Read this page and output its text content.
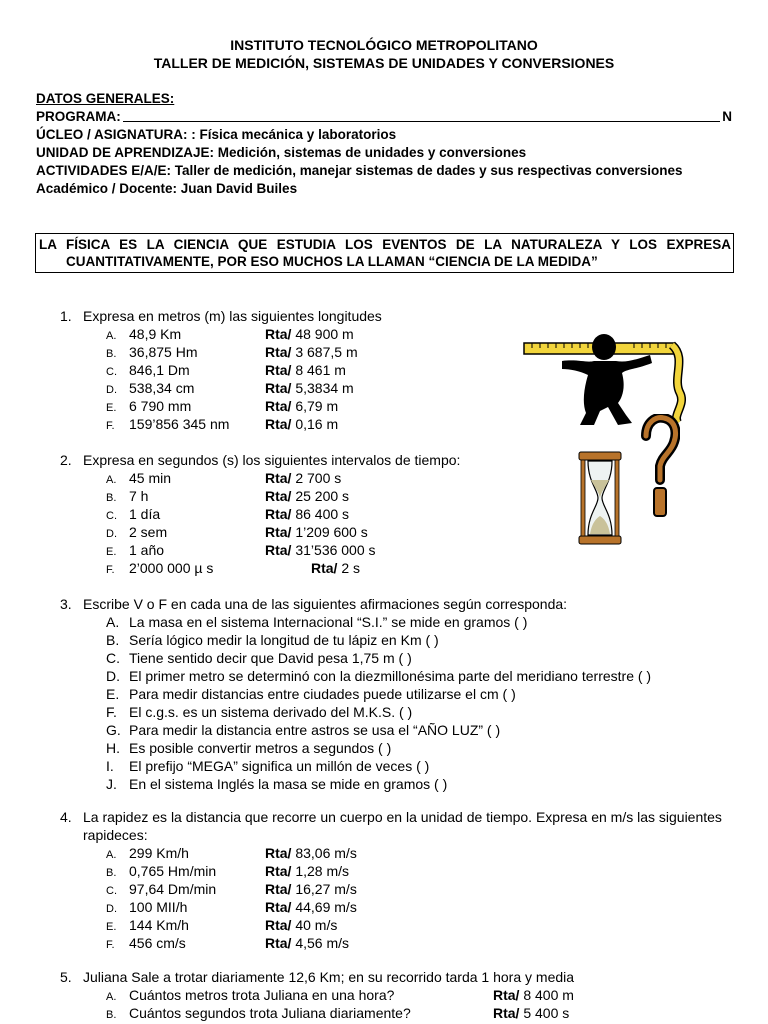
INSTITUTO TECNOLÓGICO METROPOLITANO
TALLER DE MEDICIÓN, SISTEMAS DE UNIDADES Y CONVERSIONES
DATOS GENERALES:
PROGRAMA:	N
ÚCLEO / ASIGNATURA: : Física mecánica y laboratorios
UNIDAD DE APRENDIZAJE: Medición, sistemas de unidades y conversiones
ACTIVIDADES E/A/E: Taller de medición, manejar sistemas de dades y sus respectivas conversiones
Académico / Docente: Juan David Builes
LA FÍSICA ES LA CIENCIA QUE ESTUDIA LOS EVENTOS DE LA NATURALEZA Y LOS EXPRESA CUANTITATIVAMENTE, POR ESO MUCHOS LA LLAMAN “CIENCIA DE LA MEDIDA”
1. Expresa en metros (m) las siguientes longitudes
A. 48,9 Km	Rta/ 48 900 m
B. 36,875 Hm	Rta/ 3 687,5 m
C. 846,1 Dm	Rta/ 8 461 m
D. 538,34 cm	Rta/ 5,3834 m
E. 6 790 mm	Rta/ 6,79 m
F. 159’856 345 nm	Rta/ 0,16 m
2. Expresa en segundos (s) los siguientes intervalos de tiempo:
A. 45 min	Rta/ 2 700 s
B. 7 h	Rta/ 25 200 s
C. 1 día	Rta/ 86 400 s
D. 2 sem	Rta/ 1’209 600 s
E. 1 año	Rta/ 31’536 000 s
F. 2’000 000 µ s	Rta/ 2 s
3. Escribe V o F en cada una de las siguientes afirmaciones según corresponda:
A. La masa en el sistema Internacional “S.I.” se mide en gramos ( )
B. Sería lógico medir la longitud de tu lápiz en Km ( )
C. Tiene sentido decir que David pesa 1,75 m ( )
D. El primer metro se determinó con la diezmillonésima parte del meridiano terrestre ( )
E. Para medir distancias entre ciudades puede utilizarse el cm ( )
F. El c.g.s. es un sistema derivado del M.K.S. ( )
G. Para medir la distancia entre astros se usa el “AÑO LUZ” ( )
H. Es posible convertir metros a segundos ( )
I. El prefijo “MEGA” significa un millón de veces ( )
J. En el sistema Inglés la masa se mide en gramos ( )
4. La rapidez es la distancia que recorre un cuerpo en la unidad de tiempo. Expresa en m/s las siguientes rapideces:
A. 299 Km/h	Rta/ 83,06 m/s
B. 0,765 Hm/min	Rta/ 1,28 m/s
C. 97,64 Dm/min	Rta/ 16,27 m/s
D. 100 MII/h	Rta/ 44,69 m/s
E. 144 Km/h	Rta/ 40 m/s
F. 456 cm/s	Rta/ 4,56 m/s
5. Juliana Sale a trotar diariamente 12,6 Km; en su recorrido tarda 1 hora y media
A. Cuántos metros trota Juliana en una hora?	Rta/ 8 400 m
B. Cuántos segundos trota Juliana diariamente?	Rta/ 5 400 s
